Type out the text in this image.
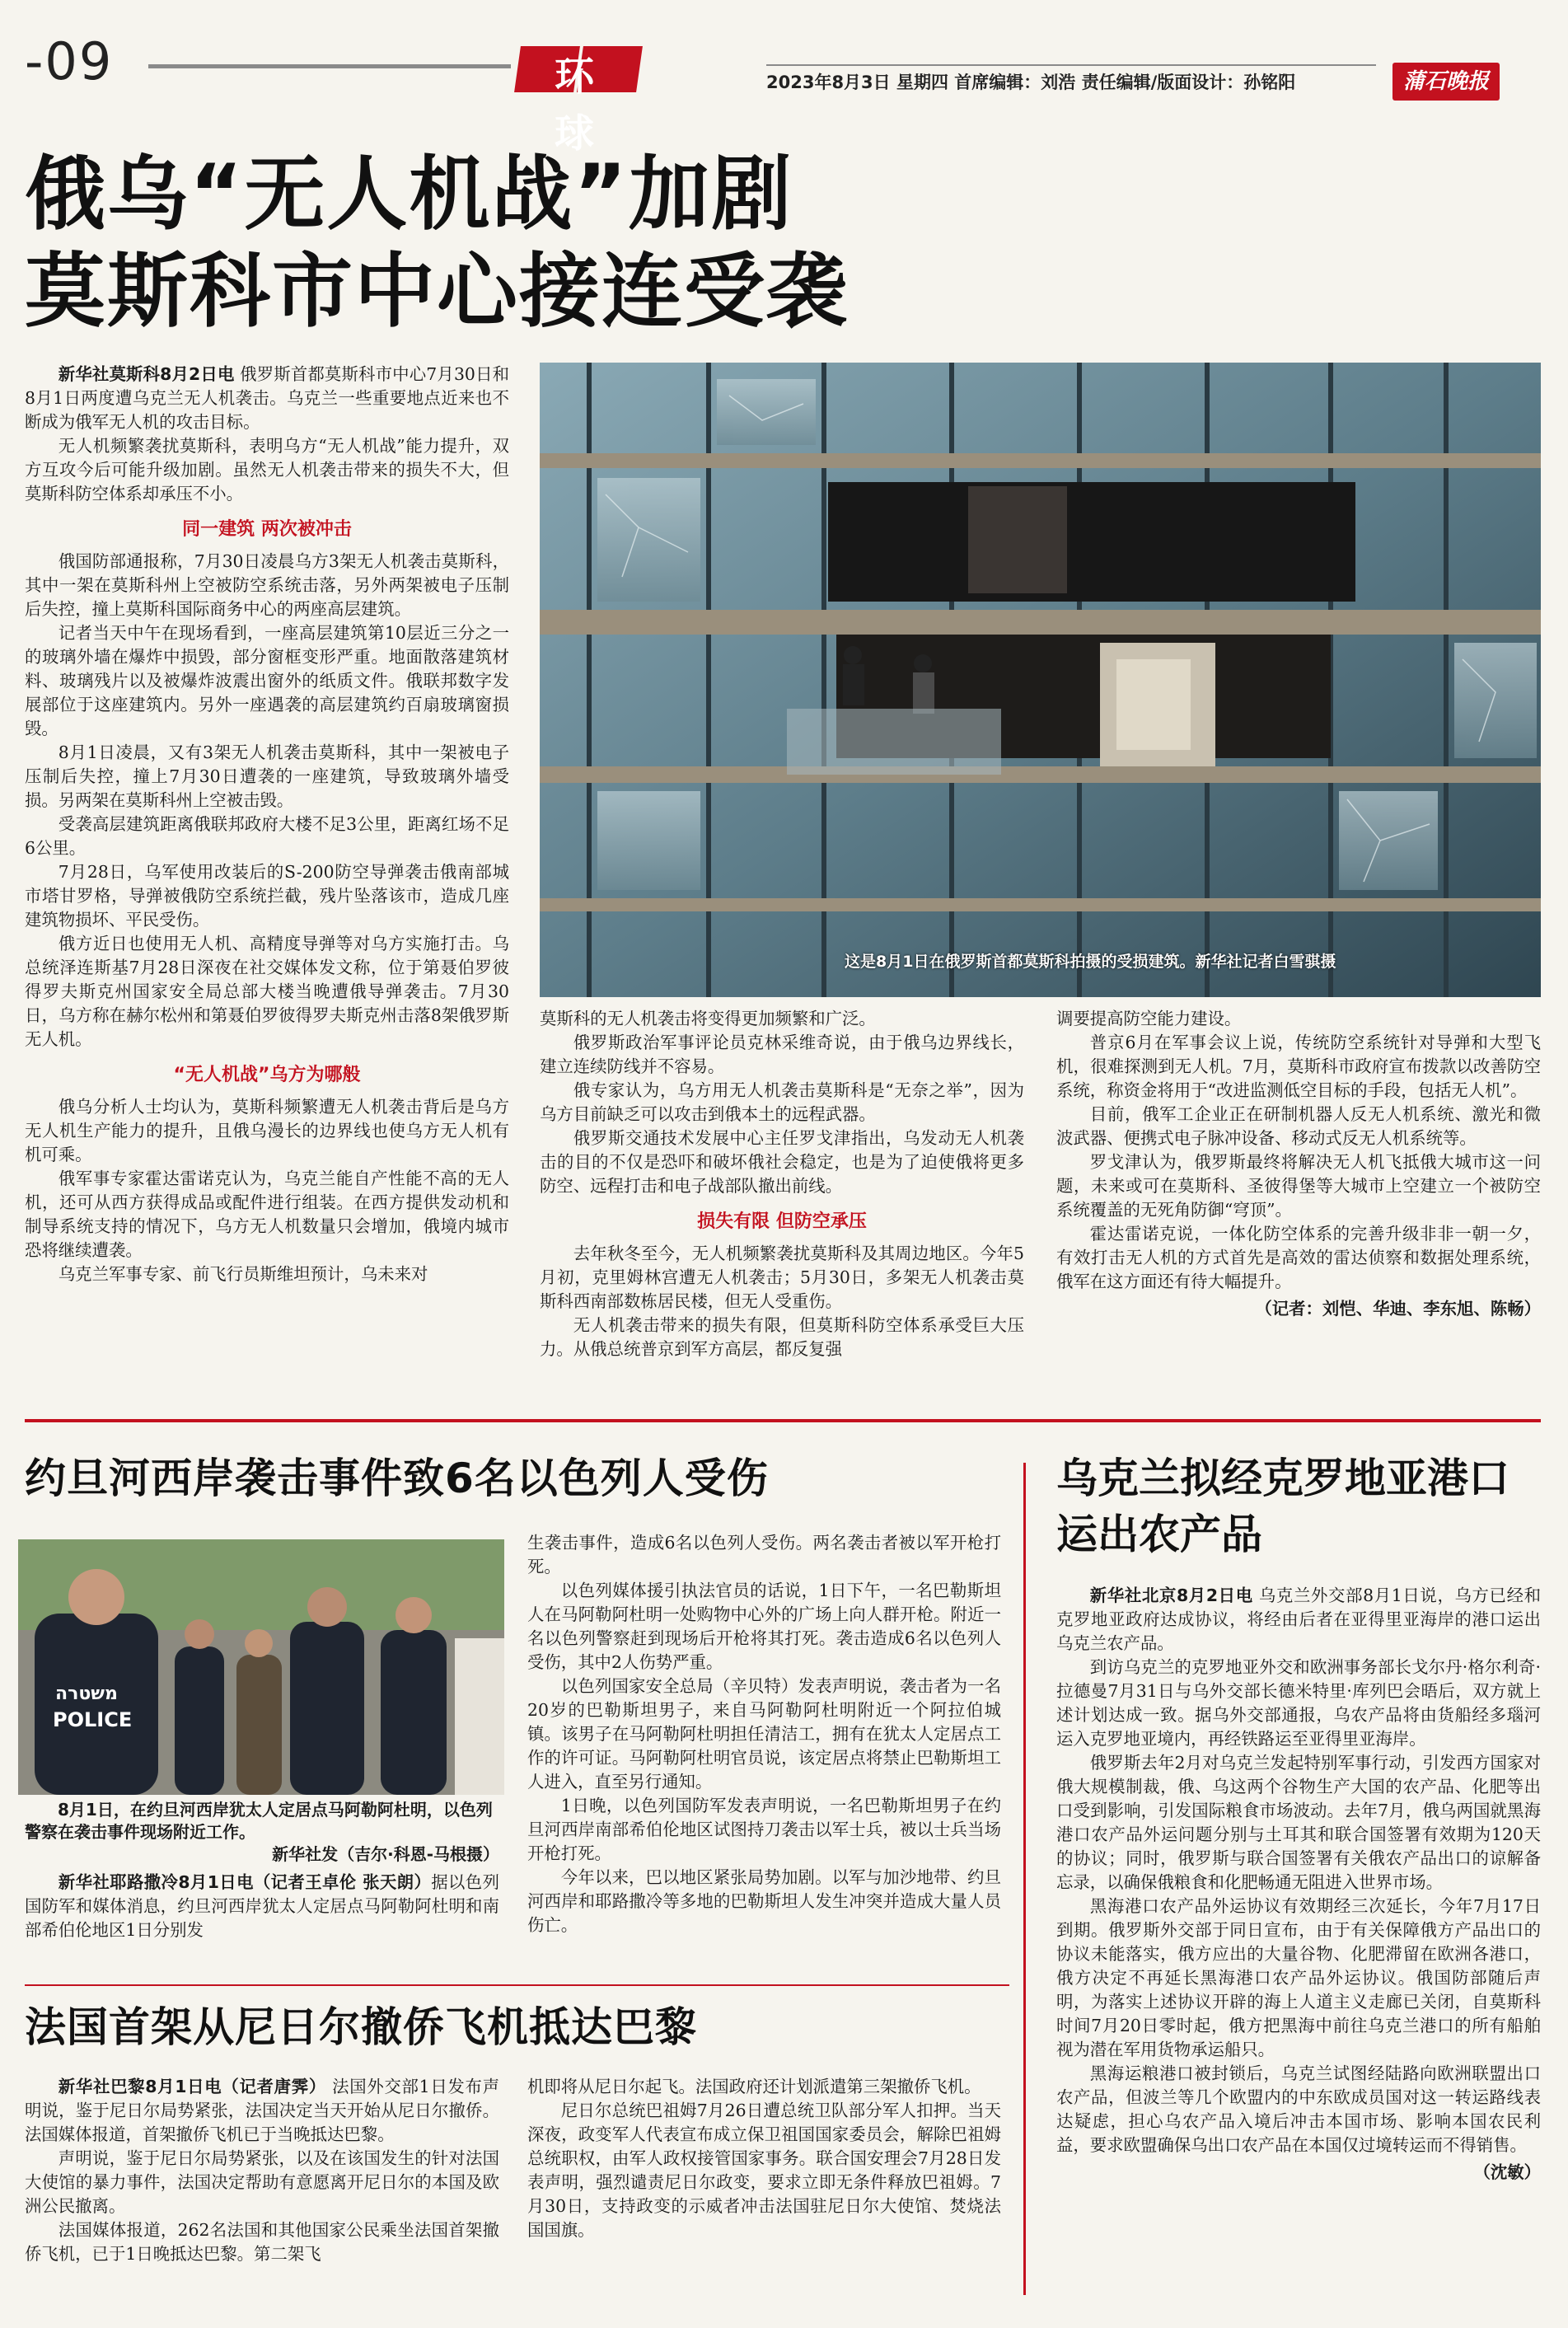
-09	环球
2023年8月3日 星期四 首席编辑：刘浩 责任编辑/版面设计：孙铭阳	蒲石晚报
俄乌“无人机战”加剧
莫斯科市中心接连受袭
这是8月1日在俄罗斯首都莫斯科拍摄的受损建筑。新华社记者白雪骐摄

新华社莫斯科8月2日电 俄罗斯首都莫斯科市中心7月30日和8月1日两度遭乌克兰无人机袭击。乌克兰一些重要地点近来也不断成为俄军无人机的攻击目标。

无人机频繁袭扰莫斯科，表明乌方“无人机战”能力提升，双方互攻今后可能升级加剧。虽然无人机袭击带来的损失不大，但莫斯科防空体系却承压不小。

同一建筑 两次被冲击

俄国防部通报称，7月30日凌晨乌方3架无人机袭击莫斯科，其中一架在莫斯科州上空被防空系统击落，另外两架被电子压制后失控，撞上莫斯科国际商务中心的两座高层建筑。

记者当天中午在现场看到，一座高层建筑第10层近三分之一的玻璃外墙在爆炸中损毁，部分窗框变形严重。地面散落建筑材料、玻璃残片以及被爆炸波震出窗外的纸质文件。俄联邦数字发展部位于这座建筑内。另外一座遇袭的高层建筑约百扇玻璃窗损毁。

8月1日凌晨，又有3架无人机袭击莫斯科，其中一架被电子压制后失控，撞上7月30日遭袭的一座建筑，导致玻璃外墙受损。另两架在莫斯科州上空被击毁。

受袭高层建筑距离俄联邦政府大楼不足3公里，距离红场不足6公里。

7月28日，乌军使用改装后的S-200防空导弹袭击俄南部城市塔甘罗格，导弹被俄防空系统拦截，残片坠落该市，造成几座建筑物损坏、平民受伤。

俄方近日也使用无人机、高精度导弹等对乌方实施打击。乌总统泽连斯基7月28日深夜在社交媒体发文称，位于第聂伯罗彼得罗夫斯克州国家安全局总部大楼当晚遭俄导弹袭击。7月30日，乌方称在赫尔松州和第聂伯罗彼得罗夫斯克州击落8架俄罗斯无人机。

“无人机战”乌方为哪般

俄乌分析人士均认为，莫斯科频繁遭无人机袭击背后是乌方无人机生产能力的提升，且俄乌漫长的边界线也使乌方无人机有机可乘。

俄军事专家霍达雷诺克认为，乌克兰能自产性能不高的无人机，还可从西方获得成品或配件进行组装。在西方提供发动机和制导系统支持的情况下，乌方无人机数量只会增加，俄境内城市恐将继续遭袭。

乌克兰军事专家、前飞行员斯维坦预计，乌未来对

莫斯科的无人机袭击将变得更加频繁和广泛。

俄罗斯政治军事评论员克林采维奇说，由于俄乌边界线长，建立连续防线并不容易。

俄专家认为，乌方用无人机袭击莫斯科是“无奈之举”，因为乌方目前缺乏可以攻击到俄本土的远程武器。

俄罗斯交通技术发展中心主任罗戈津指出，乌发动无人机袭击的目的不仅是恐吓和破坏俄社会稳定，也是为了迫使俄将更多防空、远程打击和电子战部队撤出前线。

损失有限 但防空承压

去年秋冬至今，无人机频繁袭扰莫斯科及其周边地区。今年5月初，克里姆林宫遭无人机袭击；5月30日，多架无人机袭击莫斯科西南部数栋居民楼，但无人受重伤。

无人机袭击带来的损失有限，但莫斯科防空体系承受巨大压力。从俄总统普京到军方高层，都反复强

调要提高防空能力建设。

普京6月在军事会议上说，传统防空系统针对导弹和大型飞机，很难探测到无人机。7月，莫斯科市政府宣布拨款以改善防空系统，称资金将用于“改进监测低空目标的手段，包括无人机”。

目前，俄军工企业正在研制机器人反无人机系统、激光和微波武器、便携式电子脉冲设备、移动式反无人机系统等。

罗戈津认为，俄罗斯最终将解决无人机飞抵俄大城市这一问题，未来或可在莫斯科、圣彼得堡等大城市上空建立一个被防空系统覆盖的无死角防御“穹顶”。

霍达雷诺克说，一体化防空体系的完善升级非非一朝一夕，有效打击无人机的方式首先是高效的雷达侦察和数据处理系统，俄军在这方面还有待大幅提升。

（记者：刘恺、华迪、李东旭、陈畅）
约旦河西岸袭击事件致6名以色列人受伤
משטרה
POLICE

8月1日，在约旦河西岸犹太人定居点马阿勒阿杜明，以色列警察在袭击事件现场附近工作。

新华社发（吉尔·科恩-马根摄）

新华社耶路撒冷8月1日电（记者王卓伦 张天朗）据以色列国防军和媒体消息，约旦河西岸犹太人定居点马阿勒阿杜明和南部希伯伦地区1日分别发

生袭击事件，造成6名以色列人受伤。两名袭击者被以军开枪打死。

以色列媒体援引执法官员的话说，1日下午，一名巴勒斯坦人在马阿勒阿杜明一处购物中心外的广场上向人群开枪。附近一名以色列警察赶到现场后开枪将其打死。袭击造成6名以色列人受伤，其中2人伤势严重。

以色列国家安全总局（辛贝特）发表声明说，袭击者为一名20岁的巴勒斯坦男子，来自马阿勒阿杜明附近一个阿拉伯城镇。该男子在马阿勒阿杜明担任清洁工，拥有在犹太人定居点工作的许可证。马阿勒阿杜明官员说，该定居点将禁止巴勒斯坦工人进入，直至另行通知。

1日晚，以色列国防军发表声明说，一名巴勒斯坦男子在约旦河西岸南部希伯伦地区试图持刀袭击以军士兵，被以士兵当场开枪打死。

今年以来，巴以地区紧张局势加剧。以军与加沙地带、约旦河西岸和耶路撒冷等多地的巴勒斯坦人发生冲突并造成大量人员伤亡。

法国首架从尼日尔撤侨飞机抵达巴黎

新华社巴黎8月1日电（记者唐霁） 法国外交部1日发布声明说，鉴于尼日尔局势紧张，法国决定当天开始从尼日尔撤侨。法国媒体报道，首架撤侨飞机已于当晚抵达巴黎。

声明说，鉴于尼日尔局势紧张，以及在该国发生的针对法国大使馆的暴力事件，法国决定帮助有意愿离开尼日尔的本国及欧洲公民撤离。

法国媒体报道，262名法国和其他国家公民乘坐法国首架撤侨飞机，已于1日晚抵达巴黎。第二架飞

机即将从尼日尔起飞。法国政府还计划派遣第三架撤侨飞机。

尼日尔总统巴祖姆7月26日遭总统卫队部分军人扣押。当天深夜，政变军人代表宣布成立保卫祖国国家委员会，解除巴祖姆总统职权，由军人政权接管国家事务。联合国安理会7月28日发表声明，强烈谴责尼日尔政变，要求立即无条件释放巴祖姆。7月30日，支持政变的示威者冲击法国驻尼日尔大使馆、焚烧法国国旗。

乌克兰拟经克罗地亚港口
运出农产品

新华社北京8月2日电 乌克兰外交部8月1日说，乌方已经和克罗地亚政府达成协议，将经由后者在亚得里亚海岸的港口运出乌克兰农产品。

到访乌克兰的克罗地亚外交和欧洲事务部长戈尔丹·格尔利奇·拉德曼7月31日与乌外交部长德米特里·库列巴会晤后，双方就上述计划达成一致。据乌外交部通报，乌农产品将由货船经多瑙河运入克罗地亚境内，再经铁路运至亚得里亚海岸。

俄罗斯去年2月对乌克兰发起特别军事行动，引发西方国家对俄大规模制裁，俄、乌这两个谷物生产大国的农产品、化肥等出口受到影响，引发国际粮食市场波动。去年7月，俄乌两国就黑海港口农产品外运问题分别与土耳其和联合国签署有效期为120天的协议；同时，俄罗斯与联合国签署有关俄农产品出口的谅解备忘录，以确保俄粮食和化肥畅通无阻进入世界市场。

黑海港口农产品外运协议有效期经三次延长，今年7月17日到期。俄罗斯外交部于同日宣布，由于有关保障俄方产品出口的协议未能落实，俄方应出的大量谷物、化肥滞留在欧洲各港口，俄方决定不再延长黑海港口农产品外运协议。俄国防部随后声明，为落实上述协议开辟的海上人道主义走廊已关闭，自莫斯科时间7月20日零时起，俄方把黑海中前往乌克兰港口的所有船舶视为潜在军用货物承运船只。

黑海运粮港口被封锁后，乌克兰试图经陆路向欧洲联盟出口农产品，但波兰等几个欧盟内的中东欧成员国对这一转运路线表达疑虑，担心乌农产品入境后冲击本国市场、影响本国农民利益，要求欧盟确保乌出口农产品在本国仅过境转运而不得销售。

（沈敏）
